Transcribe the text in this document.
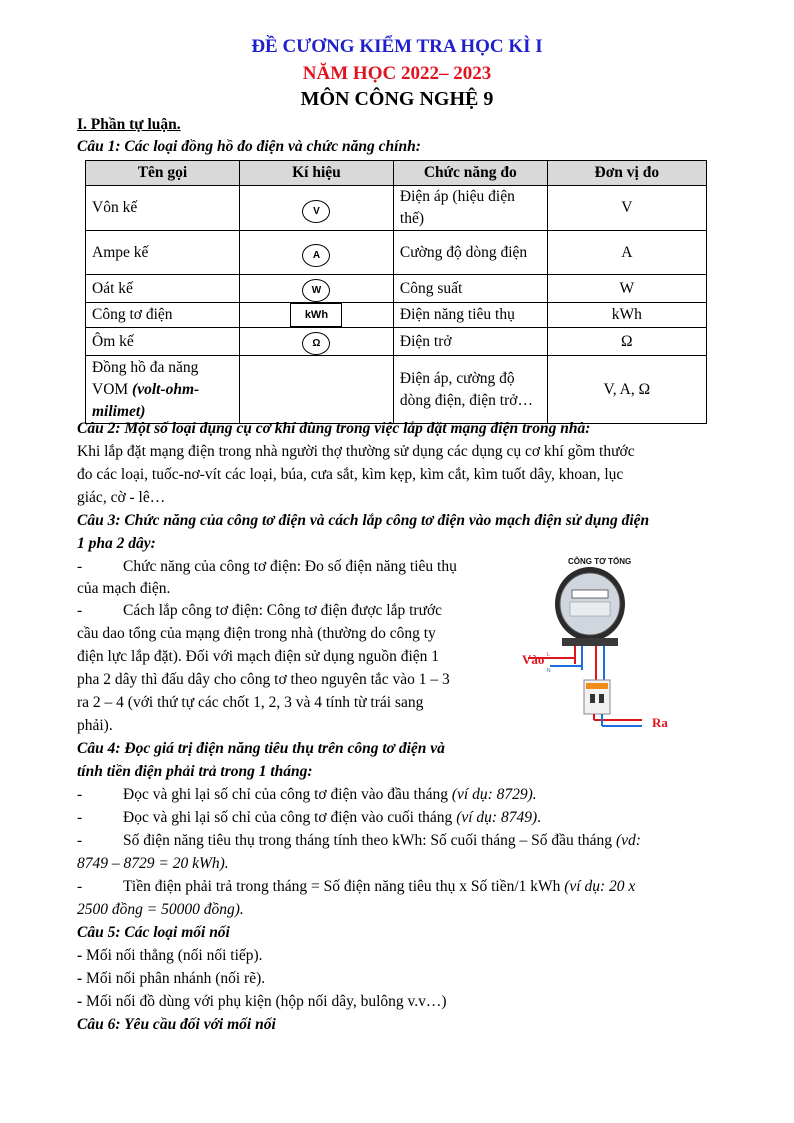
ĐỀ CƯƠNG KIỂM TRA HỌC KÌ I
NĂM HỌC 2022– 2023
MÔN CÔNG NGHỆ 9
I. Phần tự luận.
Câu 1: Các loại đồng hồ đo điện và chức năng chính:
Tên gọi	Kí hiệu	Chức năng đo	Đơn vị đo
Vôn kế	V	Điện áp (hiệu điện thế)	V
Ampe kế	A	Cường độ dòng điện	A
Oát kế	W	Công suất	W
Công tơ điện	kWh	Điện năng tiêu thụ	kWh
Ôm kế	Ω	Điện trở	Ω
Đồng hồ đa năng VOM (volt-ohm-milimet)		Điện áp, cường độ dòng điện, điện trở…	V, A, Ω
Câu 2: Một số loại dụng cụ cơ khí dùng trong việc lắp đặt mạng điện trong nhà:
Khi lắp đặt mạng điện trong nhà người thợ thường sử dụng các dụng cụ cơ khí gồm thước
đo các loại, tuốc-nơ-vít các loại, búa, cưa sắt, kìm kẹp, kìm cắt, kìm tuốt dây, khoan, lục
giác, cờ - lê…
Câu 3: Chức năng của công tơ điện và cách lắp công tơ điện vào mạch điện sử dụng điện
1 pha 2 dây:
-	Chức năng của công tơ điện: Đo số điện năng tiêu thụ
của mạch điện.
-	Cách lắp công tơ điện: Công tơ điện được lắp trước
cầu dao tổng của mạng điện trong nhà (thường do công ty
điện lực lắp đặt). Đối với mạch điện sử dụng nguồn điện 1
pha 2 dây thì đấu dây cho công tơ theo nguyên tắc vào 1 – 3
ra 2 – 4 (với thứ tự các chốt 1, 2, 3 và 4 tính từ trái sang
phải).
CÔNG TƠ TỔNG
Vào L
N
Ra
Câu 4: Đọc giá trị điện năng tiêu thụ trên công tơ điện và
tính tiền điện phải trả trong 1 tháng:
-	Đọc và ghi lại số chỉ của công tơ điện vào đầu tháng (ví dụ: 8729).
-	Đọc và ghi lại số chỉ của công tơ điện vào cuối tháng (ví dụ: 8749).
-	Số điện năng tiêu thụ trong tháng tính theo kWh: Số cuối tháng – Số đầu tháng (vd:
8749 – 8729 = 20 kWh).
-	Tiền điện phải trả trong tháng = Số điện năng tiêu thụ x Số tiền/1 kWh (ví dụ: 20 x
2500 đồng = 50000 đồng).
Câu 5: Các loại mối nối
- Mối nối thẳng (nối nối tiếp).
- Mối nối phân nhánh (nối rẽ).
- Mối nối đồ dùng với phụ kiện (hộp nối dây, bulông v.v…)
Câu 6: Yêu cầu đối với mối nối
